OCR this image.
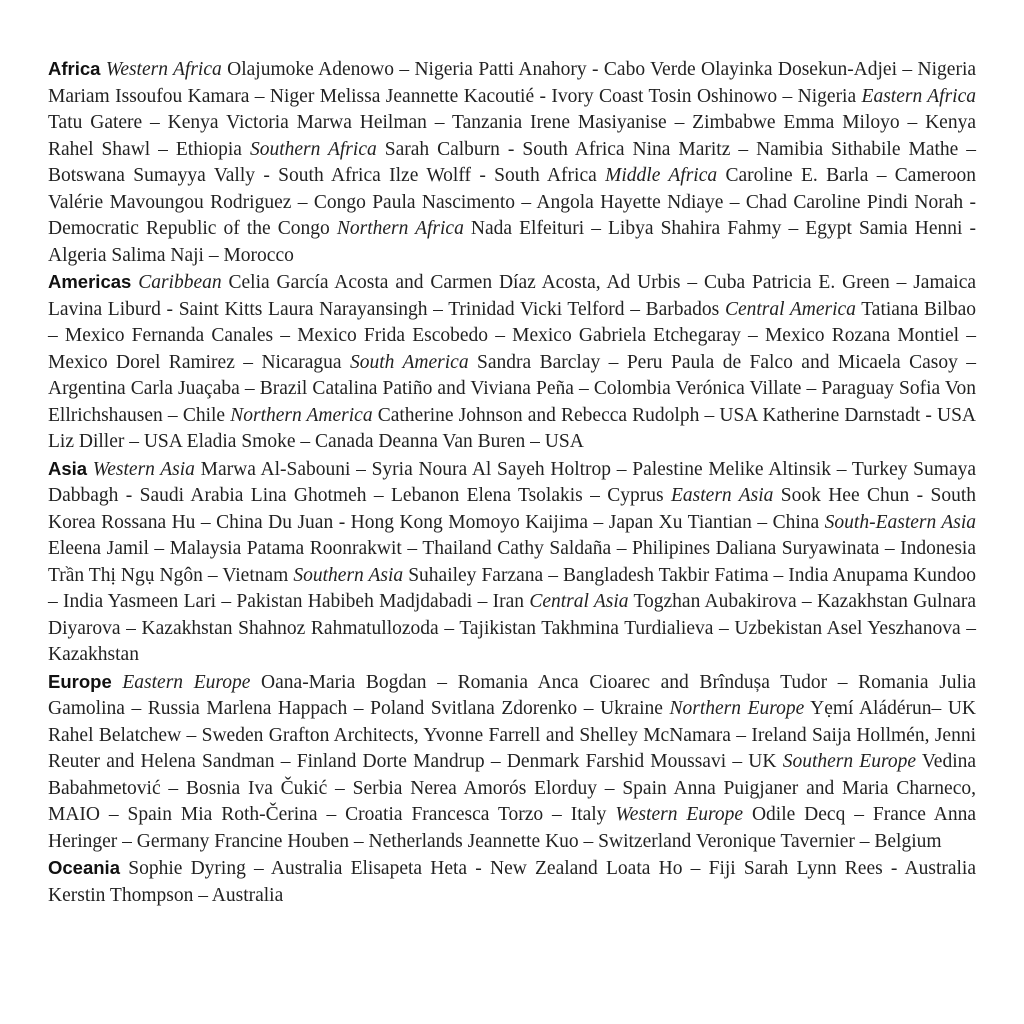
Africa Western Africa Olajumoke Adenowo – Nigeria Patti Anahory - Cabo Verde Olayinka Dosekun-Adjei – Nigeria Mariam Issoufou Kamara – Niger Melissa Jeannette Kacoutié - Ivory Coast Tosin Oshinowo – Nigeria Eastern Africa Tatu Gatere – Kenya Victoria Marwa Heilman – Tanzania Irene Masiyanise – Zimbabwe Emma Miloyo – Kenya Rahel Shawl – Ethiopia Southern Africa Sarah Calburn - South Africa Nina Maritz – Namibia Sithabile Mathe – Botswana Sumayya Vally - South Africa Ilze Wolff - South Africa Middle Africa Caroline E. Barla – Cameroon Valérie Mavoungou Rodriguez – Congo Paula Nascimento – Angola Hayette Ndiaye – Chad Caroline Pindi Norah - Democratic Republic of the Congo Northern Africa Nada Elfeituri – Libya Shahira Fahmy – Egypt Samia Henni - Algeria Salima Naji – Morocco

Americas Caribbean Celia García Acosta and Carmen Díaz Acosta, Ad Urbis – Cuba Patricia E. Green – Jamaica Lavina Liburd - Saint Kitts Laura Narayansingh – Trinidad Vicki Telford – Barbados Central America Tatiana Bilbao – Mexico Fernanda Canales – Mexico Frida Escobedo – Mexico Gabriela Etchegaray – Mexico Rozana Montiel – Mexico Dorel Ramirez – Nicaragua South America Sandra Barclay – Peru Paula de Falco and Micaela Casoy – Argentina Carla Juaçaba – Brazil Catalina Patiño and Viviana Peña – Colombia Verónica Villate – Paraguay Sofia Von Ellrichshausen – Chile Northern America Catherine Johnson and Rebecca Rudolph – USA Katherine Darnstadt - USA Liz Diller – USA Eladia Smoke – Canada Deanna Van Buren – USA

Asia Western Asia Marwa Al-Sabouni – Syria Noura Al Sayeh Holtrop – Palestine Melike Altinsik – Turkey Sumaya Dabbagh - Saudi Arabia Lina Ghotmeh – Lebanon Elena Tsolakis – Cyprus Eastern Asia Sook Hee Chun - South Korea Rossana Hu – China Du Juan - Hong Kong Momoyo Kaijima – Japan Xu Tiantian – China South-Eastern Asia Eleena Jamil – Malaysia Patama Roonrakwit – Thailand Cathy Saldaña – Philipines Daliana Suryawinata – Indonesia Trần Thị Ngụ Ngôn – Vietnam Southern Asia Suhailey Farzana – Bangladesh Takbir Fatima – India Anupama Kundoo – India Yasmeen Lari – Pakistan Habibeh Madjdabadi – Iran Central Asia Togzhan Aubakirova – Kazakhstan Gulnara Diyarova – Kazakhstan Shahnoz Rahmatullozoda – Tajikistan Takhmina Turdialieva – Uzbekistan Asel Yeszhanova – Kazakhstan

Europe Eastern Europe Oana-Maria Bogdan – Romania Anca Cioarec and Brîndușa Tudor – Romania Julia Gamolina – Russia Marlena Happach – Poland Svitlana Zdorenko – Ukraine Northern Europe Yẹmí Aládérun– UK Rahel Belatchew – Sweden Grafton Architects, Yvonne Farrell and Shelley McNamara – Ireland Saija Hollmén, Jenni Reuter and Helena Sandman – Finland Dorte Mandrup – Denmark Farshid Moussavi – UK Southern Europe Vedina Babahmetović – Bosnia Iva Čukić – Serbia Nerea Amorós Elorduy – Spain Anna Puigjaner and Maria Charneco, MAIO – Spain Mia Roth-Čerina – Croatia Francesca Torzo – Italy Western Europe Odile Decq – France Anna Heringer – Germany Francine Houben – Netherlands Jeannette Kuo – Switzerland Veronique Tavernier – Belgium

Oceania Sophie Dyring – Australia Elisapeta Heta - New Zealand Loata Ho – Fiji Sarah Lynn Rees - Australia Kerstin Thompson – Australia
